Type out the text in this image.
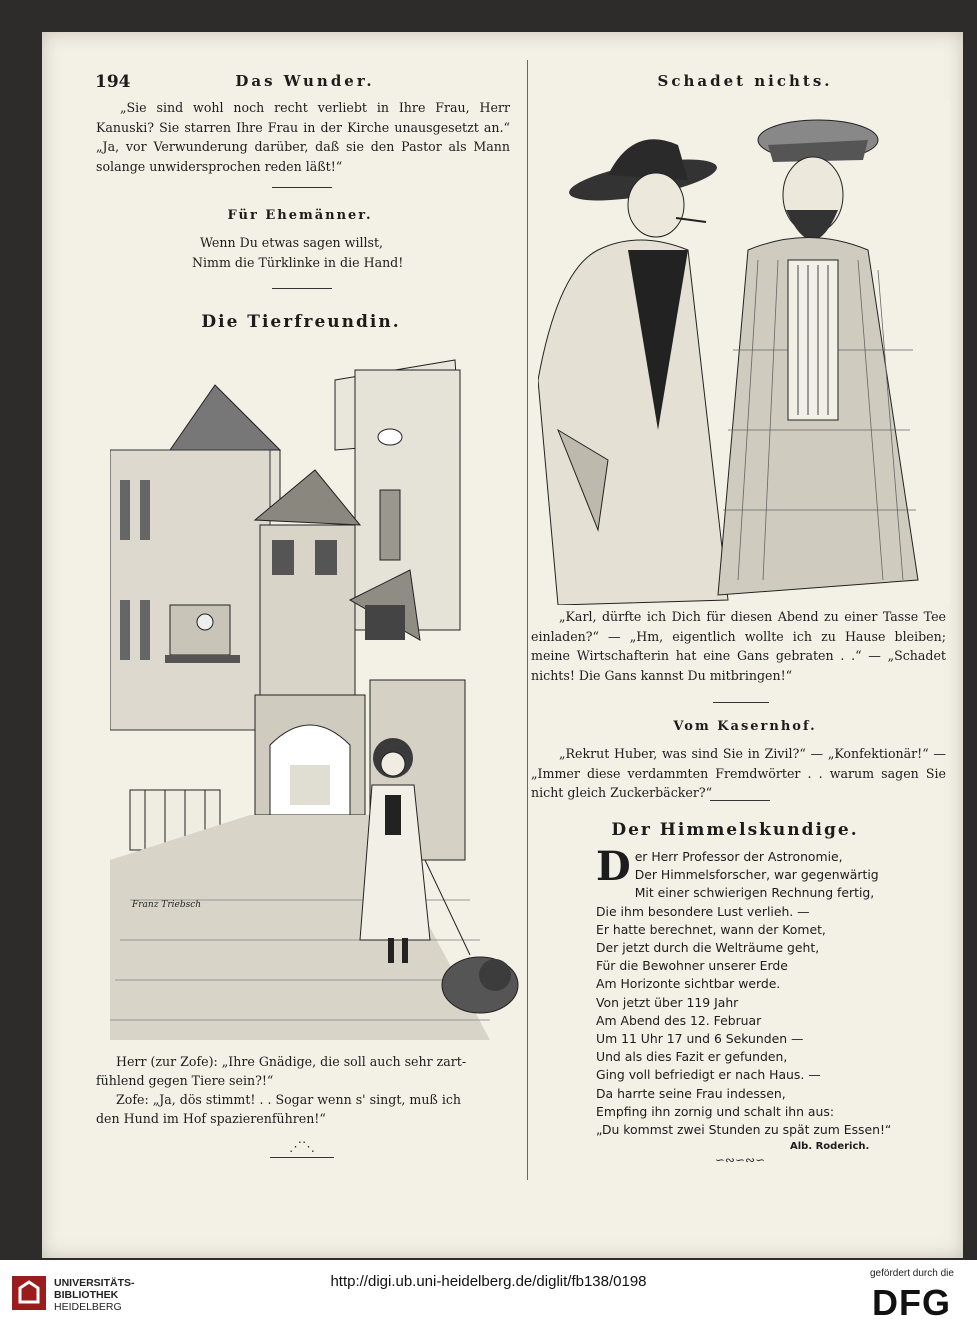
194	Das Wunder.
„Sie sind wohl noch recht verliebt in Ihre Frau, Herr Kanuski? Sie starren Ihre Frau in der Kirche unausgesetzt an.“ „Ja, vor Verwunderung darüber, daß sie den Pastor als Mann solange unwidersprochen reden läßt!“
Für Ehemänner.
Wenn Du etwas sagen willst,
Nimm die Türklinke in die Hand!
Die Tierfreundin.
Franz Triebsch
Herr (zur Zofe): „Ihre Gnädige, die soll auch sehr zart-
fühlend gegen Tiere sein?!“
Zofe: „Ja, dös stimmt! . . Sogar wenn s' singt, muß ich
den Hund im Hof spazierenführen!“
⋰⋱
Schadet nichts.
„Karl, dürfte ich Dich für diesen Abend zu einer Tasse Tee einladen?“ — „Hm, eigentlich wollte ich zu Hause bleiben; meine Wirtschafterin hat eine Gans gebraten . .“ — „Schadet nichts! Die Gans kannst Du mitbringen!“
Vom Kasernhof.
„Rekrut Huber, was sind Sie in Zivil?“ — „Konfektionär!“ — „Immer diese verdammten Fremdwörter . . warum sagen Sie nicht gleich Zuckerbäcker?“
Der Himmelskundige.
D er Herr Professor der Astronomie,
Der Himmelsforscher, war gegenwärtig
Mit einer schwierigen Rechnung fertig,
Die ihm besondere Lust verlieh. —
Er hatte berechnet, wann der Komet,
Der jetzt durch die Welträume geht,
Für die Bewohner unserer Erde
Am Horizonte sichtbar werde.
Von jetzt über 119 Jahr
Am Abend des 12. Februar
Um 11 Uhr 17 und 6 Sekunden —
Und als dies Fazit er gefunden,
Ging voll befriedigt er nach Haus. —
Da harrte seine Frau indessen,
Empfing ihn zornig und schalt ihn aus:
„Du kommst zwei Stunden zu spät zum Essen!“
Alb. Roderich.
∽∾∽∾∽
UNIVERSITÄTS-
BIBLIOTHEK
HEIDELBERG
http://digi.ub.uni-heidelberg.de/diglit/fb138/0198	gefördert durch die
DFG
